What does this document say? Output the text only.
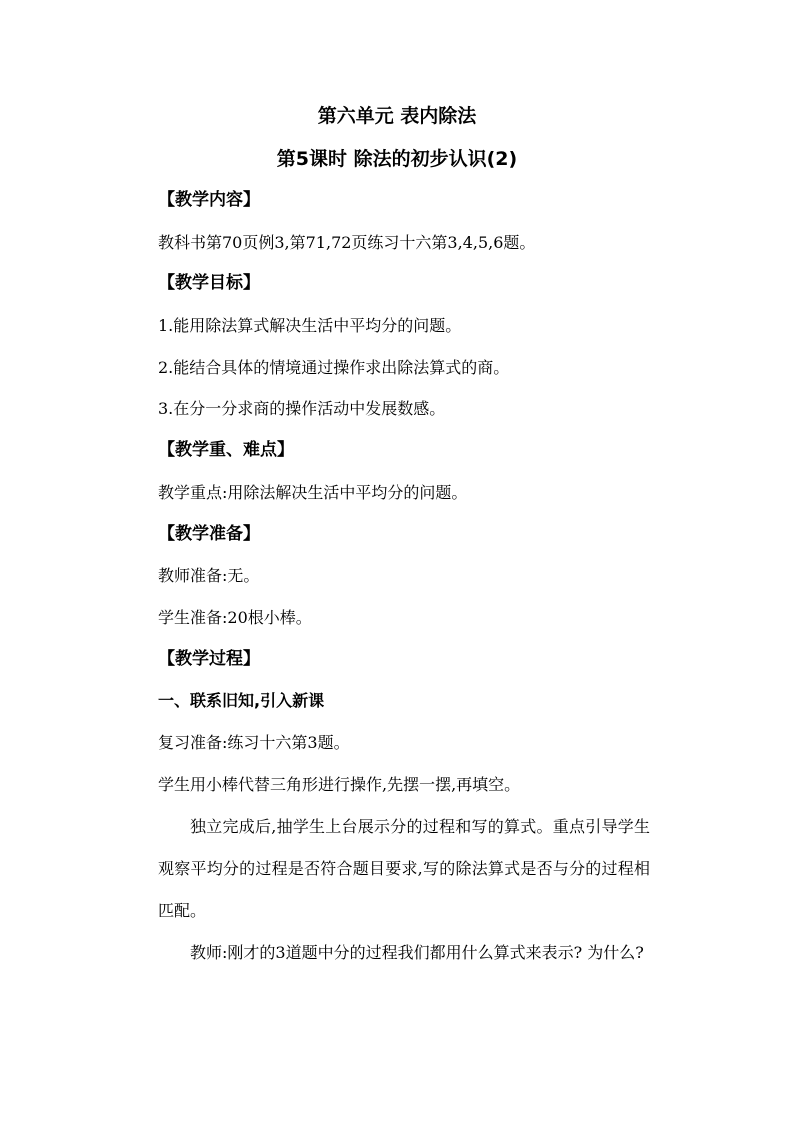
第六单元 表内除法
第5课时 除法的初步认识(2)
【教学内容】
教科书第70页例3,第71,72页练习十六第3,4,5,6题。
【教学目标】
1.能用除法算式解决生活中平均分的问题。
2.能结合具体的情境通过操作求出除法算式的商。
3.在分一分求商的操作活动中发展数感。
【教学重、难点】
教学重点:用除法解决生活中平均分的问题。
【教学准备】
教师准备:无。
学生准备:20根小棒。
【教学过程】
一、联系旧知,引入新课
复习准备:练习十六第3题。
学生用小棒代替三角形进行操作,先摆一摆,再填空。
独立完成后,抽学生上台展示分的过程和写的算式。重点引导学生观察平均分的过程是否符合题目要求,写的除法算式是否与分的过程相匹配。
教师:刚才的3道题中分的过程我们都用什么算式来表示? 为什么?
